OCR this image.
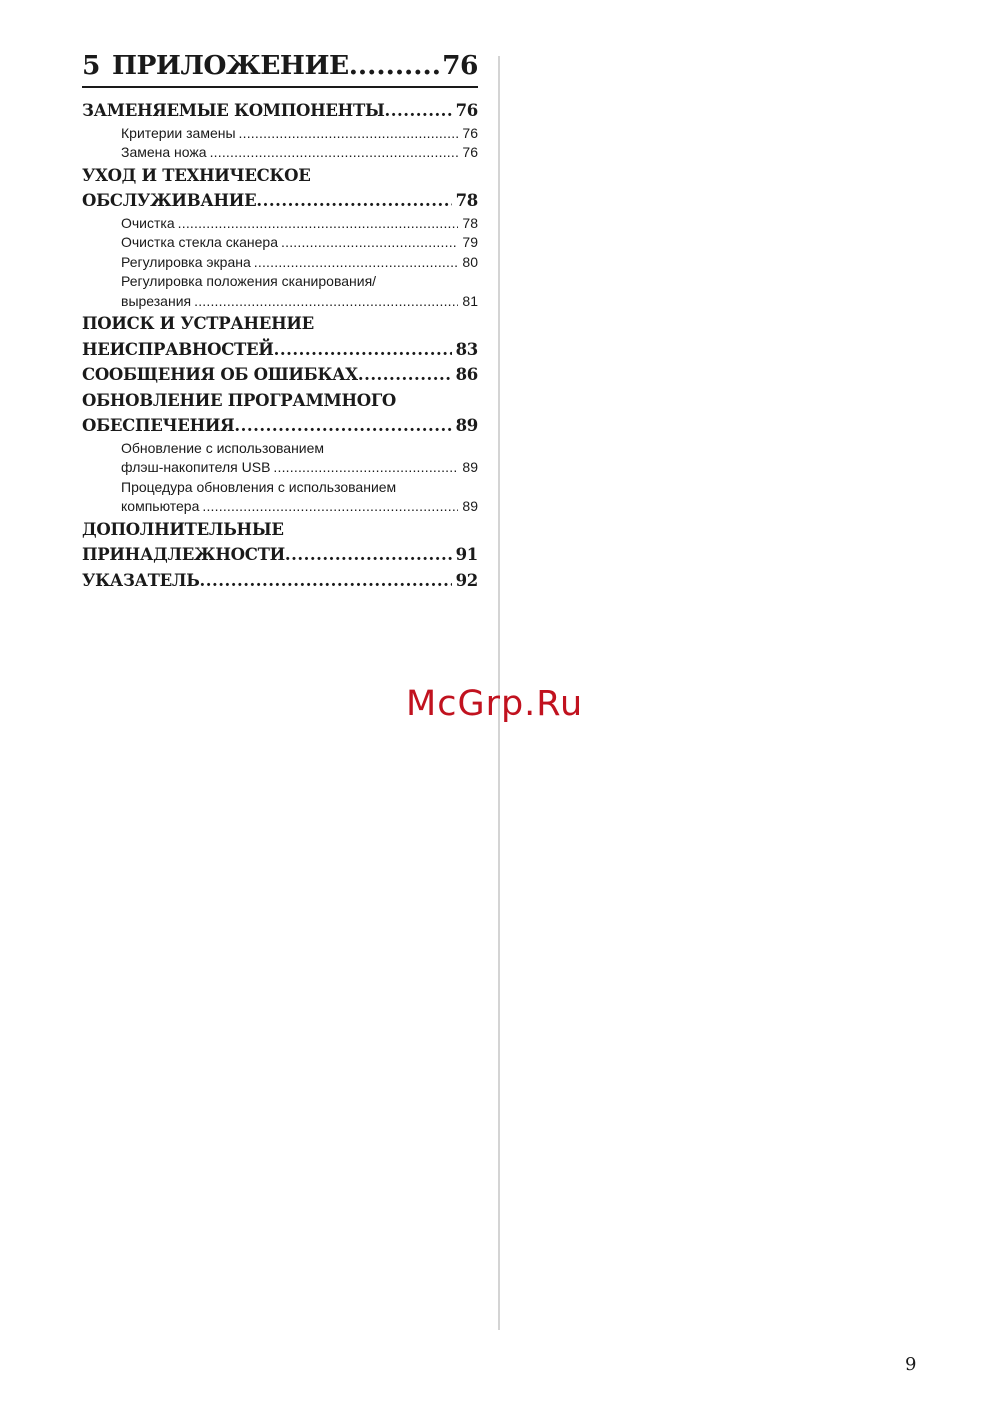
5 ПРИЛОЖЕНИЕ .....	76
ЗАМЕНЯЕМЫЕ КОМПОНЕНТЫ .....	76
Критерии замены .....	76
Замена ножа .....	76
УХОД И ТЕХНИЧЕСКОЕ
ОБСЛУЖИВАНИЕ .....	78
Очистка .....	78
Очистка стекла сканера .....	79
Регулировка экрана .....	80
Регулировка положения сканирования/
вырезания .....	81
ПОИСК И УСТРАНЕНИЕ
НЕИСПРАВНОСТЕЙ .....	83
СООБЩЕНИЯ ОБ ОШИБКАХ .....	86
ОБНОВЛЕНИЕ ПРОГРАММНОГО
ОБЕСПЕЧЕНИЯ .....	89
Обновление с использованием
флэш-накопителя USB .....	89
Процедура обновления с использованием
компьютера .....	89
ДОПОЛНИТЕЛЬНЫЕ
ПРИНАДЛЕЖНОСТИ .....	91
УКАЗАТЕЛЬ .....	92
McGrp.Ru
9
